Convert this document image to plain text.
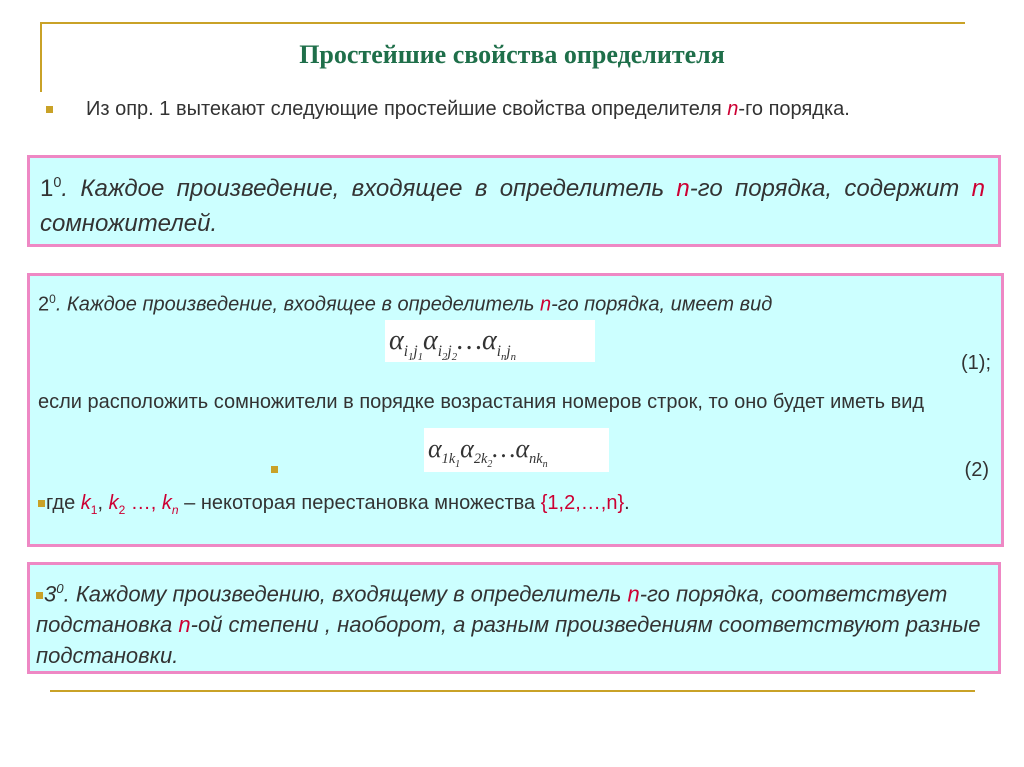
Простейшие свойства определителя
Из опр. 1 вытекают следующие простейшие свойства определителя n-го порядка.
$1^0$. Каждое произведение, входящее в определитель n-го порядка, содержит n сомножителей.
$2^0$. Каждое произведение, входящее в определитель n-го порядка, имеет вид
$\alpha_{i_1j_1}\alpha_{i_2j_2}\dots\alpha_{i_nj_n}$	(1);
если расположить сомножители в порядке возрастания номеров строк, то оно будет иметь вид
$\alpha_{1k_1}\alpha_{2k_2}\dots\alpha_{nk_n}$	(2)
где $k_1$, $k_2$ …, $k_n$ – некоторая перестановка множества {1,2,…,n}.
$3^0$. Каждому произведению, входящему в определитель n-го порядка, соответствует подстановка n-ой степени , наоборот, а разным произведениям соответствуют разные подстановки.
